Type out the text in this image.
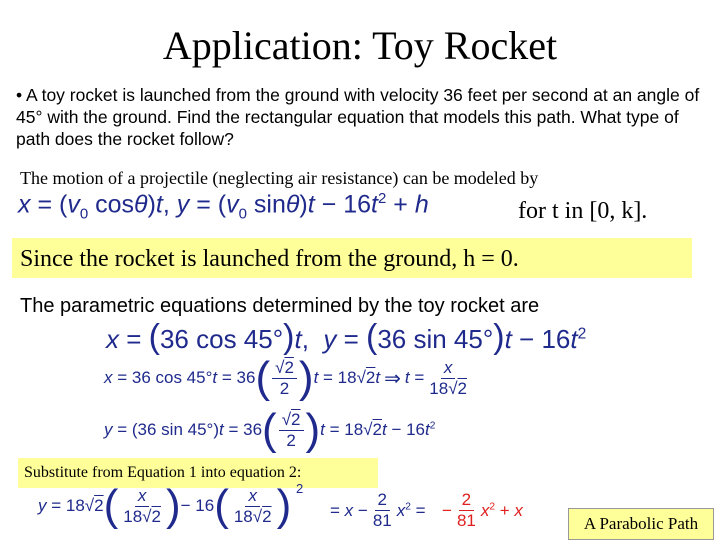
Application: Toy Rocket
• A toy rocket is launched from the ground with velocity 36 feet per second at an angle of 45° with the ground. Find the rectangular equation that models this path. What type of path does the rocket follow?
The motion of a projectile (neglecting air resistance) can be modeled by
$x = (v_0$ cosθ)t, $y = (v_0$ $\sin\theta)t - 16t^2 + h$	for t in [0, k].
Since the rocket is launched from the ground, h = 0.
The parametric equations determined by the toy rocket are
x = (36 cos 45°)t,  y = (36 $\sin 45^\circ)t - 16t^2$
x = 36 cos 45°t = 36 ( $\frac{√2}{2}$ ) t = 18√2t ⇒ $t = \frac{x}{18√2}$
y = (36 sin 45°)t = 36 ( $\frac{√2}{2}$ ) $t = 18√2t - 16t^2$
Substitute from Equation 1 into equation 2:
y = 18√2 ( $\frac{x}{18√2}$ ) − 16 ( $\frac{x}{18√2}$ ) 2
= $x - \frac{2}{81} x^2$ = − $\frac{2}{81} x^2 + x$
A Parabolic Path
